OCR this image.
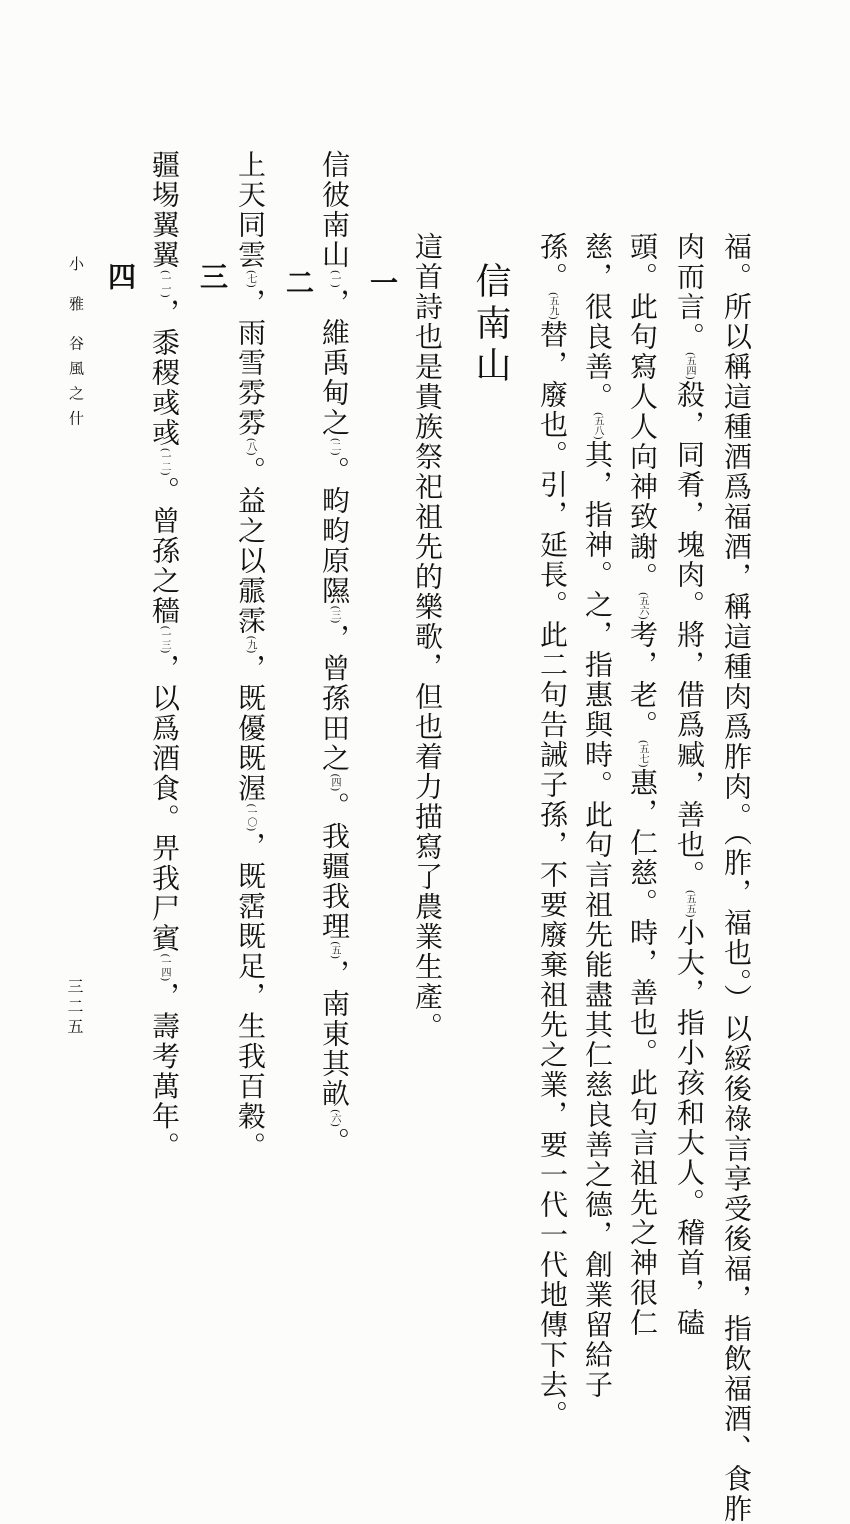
福。所以稱這種酒爲福酒，稱這種肉爲胙肉。（胙，福也。）以綏後祿言享受後福，指飲福酒、食胙
肉而言。(五四)殺，同肴，塊肉。將，借爲臧，善也。(五五)小大，指小孩和大人。稽首，磕
頭。此句寫人人向神致謝。(五六)考，老。(五七)惠，仁慈。時，善也。此句言祖先之神很仁
慈，很良善。(五八)其，指神。之，指惠與時。此句言祖先能盡其仁慈良善之德，創業留給子
孫。(五九)替，廢也。引，延長。此二句告誡子孫，不要廢棄祖先之業，要一代一代地傳下去。
信南山
這首詩也是貴族祭祀祖先的樂歌，但也着力描寫了農業生產。
一
信彼南山(一)，維禹甸之(二)。畇畇原隰(三)，曾孫田之(四)。我疆我理(五)，南東其畝(六)。
二
上天同雲(七)，雨雪雰雰(八)。益之以霢霂(九)，既優既渥(一〇)，既霑既足，生我百穀。
三
疆埸翼翼(一一)，黍稷彧彧(一二)。曾孫之穡(一三)，以爲酒食。畀我尸賓(一四)，壽考萬年。
四
小 雅 谷風之什
三二五
